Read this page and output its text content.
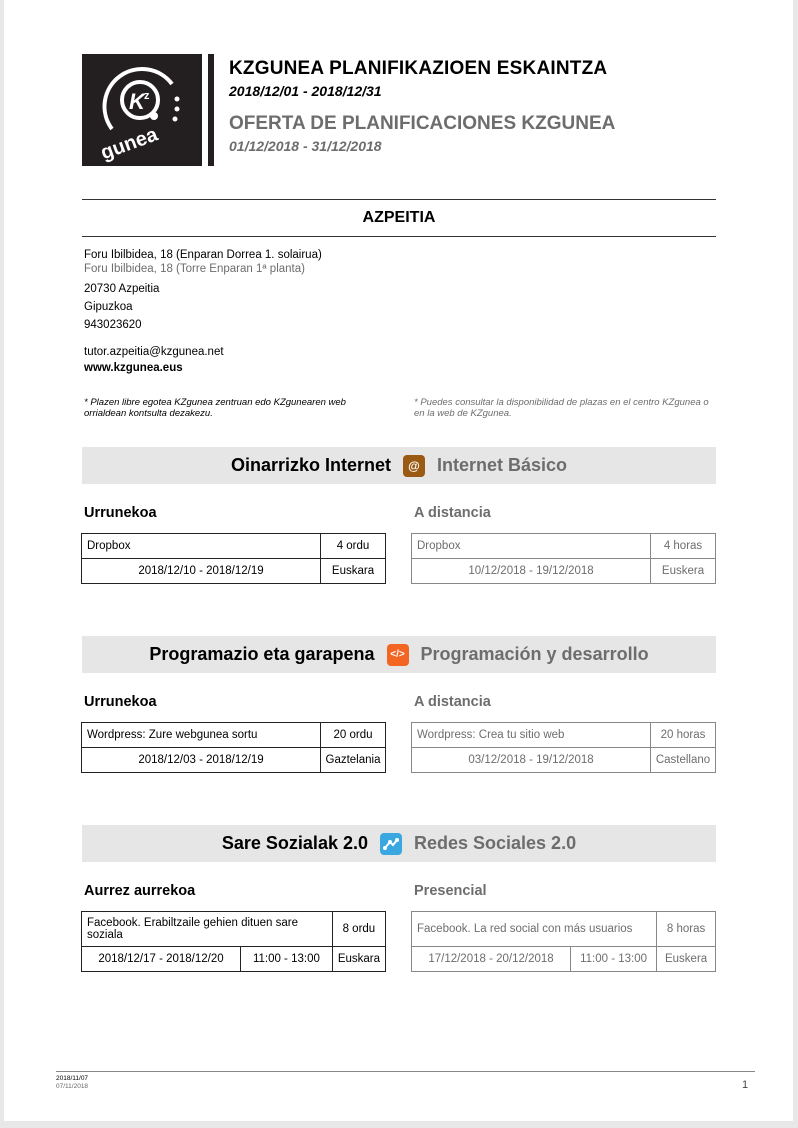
K z
gunea
KZGUNEA PLANIFIKAZIOEN ESKAINTZA
2018/12/01 - 2018/12/31
OFERTA DE PLANIFICACIONES KZGUNEA
01/12/2018 - 31/12/2018
AZPEITIA
Foru Ibilbidea, 18 (Enparan Dorrea 1. solairua)
Foru Ibilbidea, 18 (Torre Enparan 1ª planta)
20730 Azpeitia
Gipuzkoa
943023620
tutor.azpeitia@kzgunea.net
www.kzgunea.eus
* Plazen libre egotea KZgunea zentruan edo KZgunearen web orrialdean kontsulta dezakezu.
* Puedes consultar la disponibilidad de plazas en el centro KZgunea o en la web de KZgunea.
Oinarrizko Internet	@ Internet Básico
Urrunekoa	A distancia
Dropbox	4 ordu
2018/12/10 - 2018/12/19	Euskara
Dropbox	4 horas
10/12/2018 - 19/12/2018	Euskera
Programazio eta garapena	</> Programación y desarrollo
Urrunekoa	A distancia
Wordpress: Zure webgunea sortu	20 ordu
2018/12/03 - 2018/12/19	Gaztelania
Wordpress: Crea tu sitio web	20 horas
03/12/2018 - 19/12/2018	Castellano
Sare Sozialak 2.0	Redes Sociales 2.0
Aurrez aurrekoa	Presencial
Facebook. Erabiltzaile gehien dituen sare soziala		8 ordu
2018/12/17 - 2018/12/20	11:00 - 13:00	Euskara
Facebook. La red social con más usuarios		8 horas
17/12/2018 - 20/12/2018	11:00 - 13:00	Euskera
2018/11/07
07/11/2018	1
